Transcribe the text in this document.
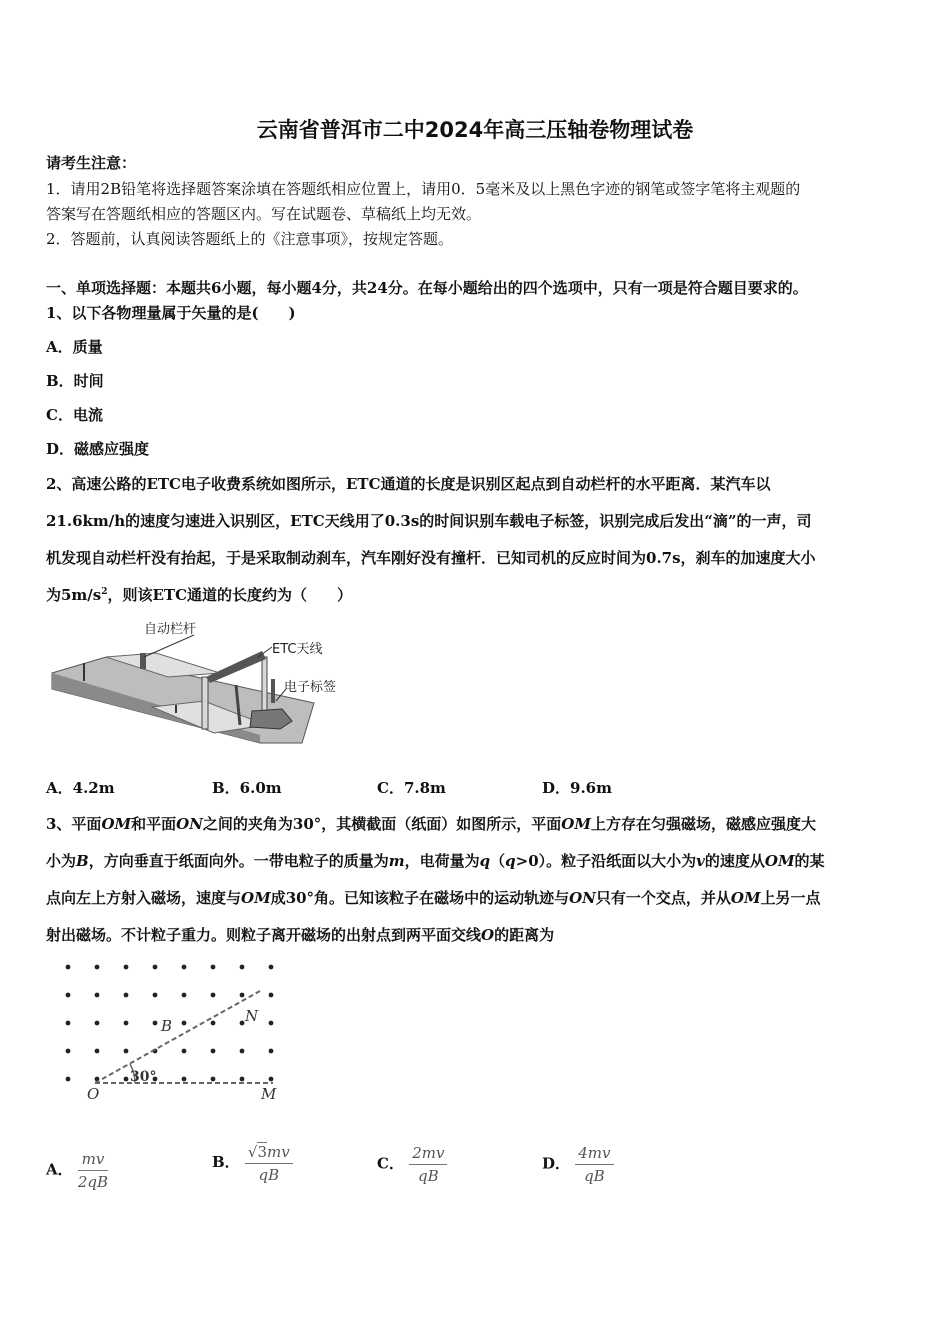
云南省普洱市二中2024年高三压轴卷物理试卷
请考生注意：
1．请用2B铅笔将选择题答案涂填在答题纸相应位置上，请用0．5毫米及以上黑色字迹的钢笔或签字笔将主观题的
答案写在答题纸相应的答题区内。写在试题卷、草稿纸上均无效。
2．答题前，认真阅读答题纸上的《注意事项》，按规定答题。
一、单项选择题：本题共6小题，每小题4分，共24分。在每小题给出的四个选项中，只有一项是符合题目要求的。
1、以下各物理量属于矢量的是(　　)
A．质量
B．时间
C．电流
D．磁感应强度
2、高速公路的ETC电子收费系统如图所示，ETC通道的长度是识别区起点到自动栏杆的水平距离．某汽车以
21.6km/h的速度匀速进入识别区，ETC天线用了0.3s的时间识别车载电子标签，识别完成后发出“滴”的一声，司
机发现自动栏杆没有抬起，于是采取制动刹车，汽车刚好没有撞杆．已知司机的反应时间为0.7s，刹车的加速度大小
为$5m/s^2$，则该ETC通道的长度约为（　　）
自动栏杆
ETC天线
电子标签
A．4.2m	B．6.0m	C．7.8m	D．9.6m
3、平面OM和平面ON之间的夹角为30°，其横截面（纸面）如图所示，平面OM上方存在匀强磁场，磁感应强度大
小为B，方向垂直于纸面向外。一带电粒子的质量为m，电荷量为q（q>0）。粒子沿纸面以大小为v的速度从OM的某
点向左上方射入磁场，速度与OM成30°角。已知该粒子在磁场中的运动轨迹与ON只有一个交点，并从OM上另一点
射出磁场。不计粒子重力。则粒子离开磁场的出射点到两平面交线O的距离为
30°
B
N
O	M
A． $\frac{mv}{2qB}$	B． $\frac{√3mv}{qB}$	C． $\frac{2mv}{qB}$	D． $\frac{4mv}{qB}$
